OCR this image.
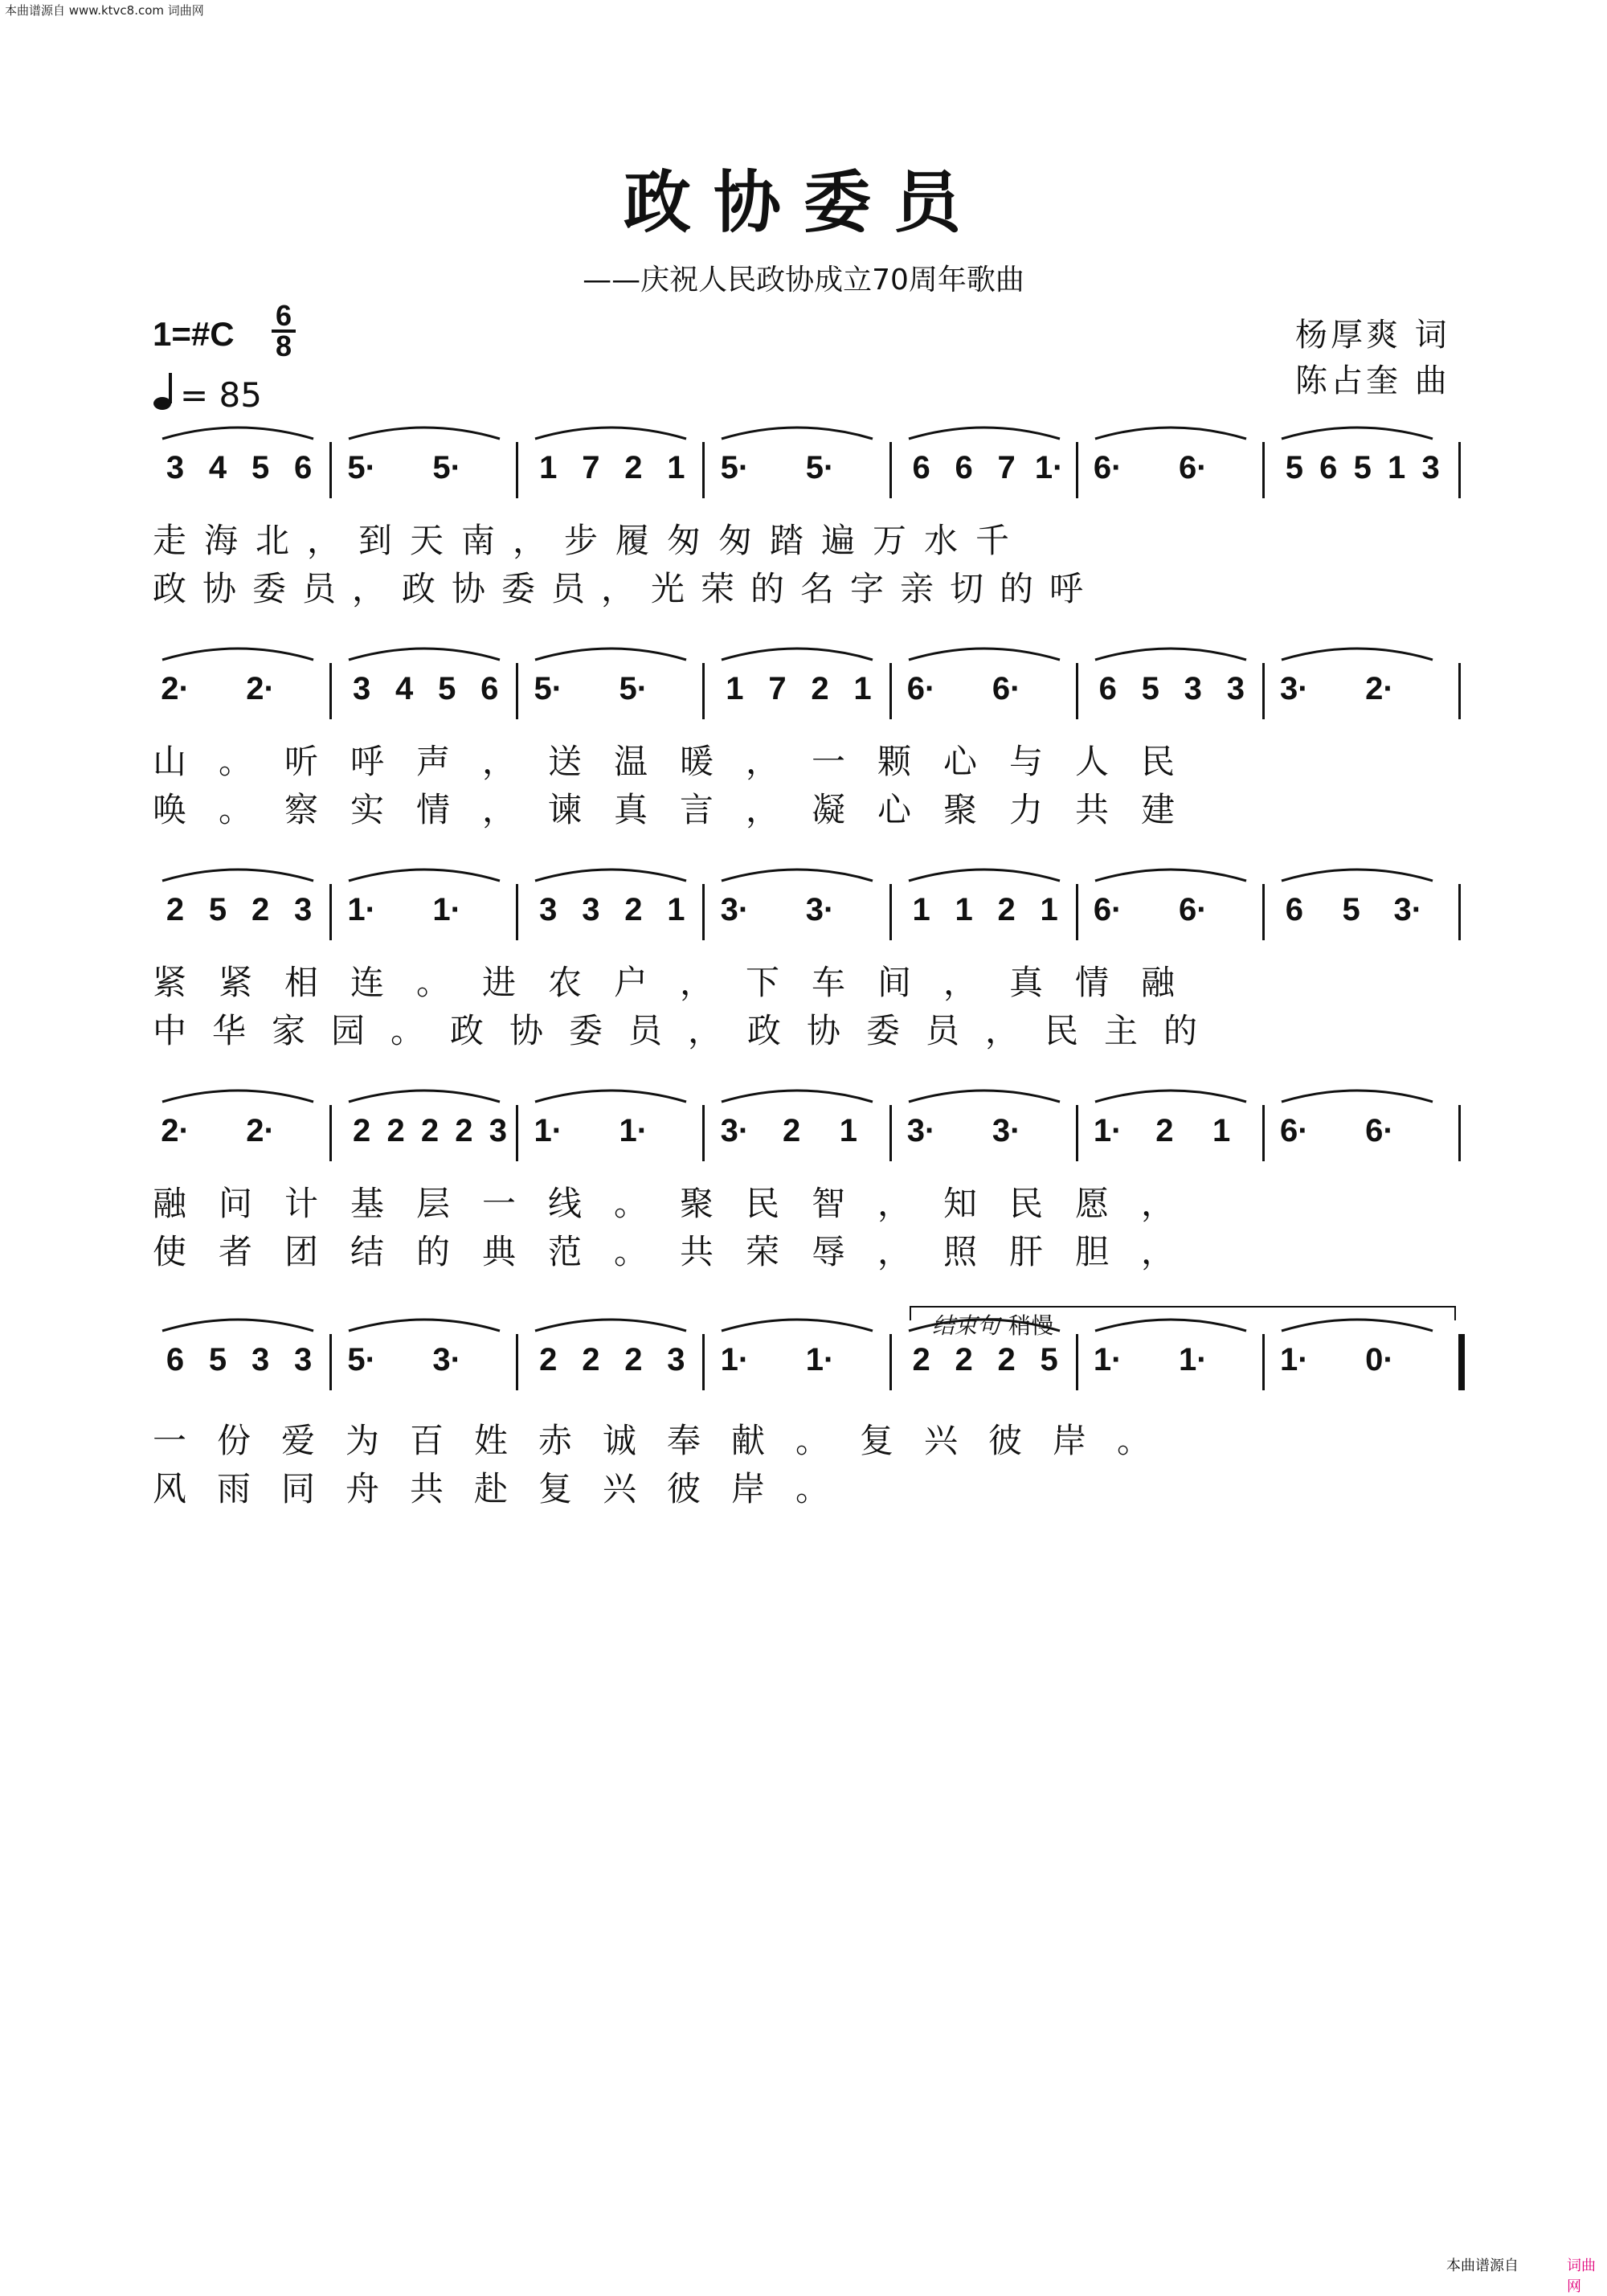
本曲谱源自 www.ktvc8.com 词曲网
政协委员
——庆祝人民政协成立70周年歌曲
1=#C 6
8
= 85
杨厚爽 词
陈占奎 曲
3 4 5 6 5· 5· 1 7 2 1 5· 5· 6 6 7 1· 6· 6· 5 6 5 1 3
2· 2· 3 4 5 6 5· 5· 1 7 2 1 6· 6· 6 5 3 3 3· 2·
2 5 2 3 1· 1· 3 3 2 1 3· 3· 1 1 2 1 6· 6· 6 5 3·
2· 2· 2 2 2 2 3 1· 1· 3· 2 1 3· 3· 1· 2 1 6· 6·
6 5 3 3 5· 3· 2 2 2 3 1· 1· 2 2 2 5 1· 1· 1· 0·
走海北，到天南，步履匆匆踏遍万水千
政协委员，政协委员，光荣的名字亲切的呼
山。听呼声，送温暖，一颗心与人民
唤。察实情，谏真言，凝心聚力共建
紧紧相连。进农户，下车间，真情融
中华家园。政协委员，政协委员，民主的
融问计基层一线。聚民智，知民愿，
使者团结的典范。共荣辱，照肝胆，
一份爱为百姓赤诚奉献。复兴彼岸。
风雨同舟共赴复兴彼岸。
结束句 稍慢
本曲谱源自	词曲网
